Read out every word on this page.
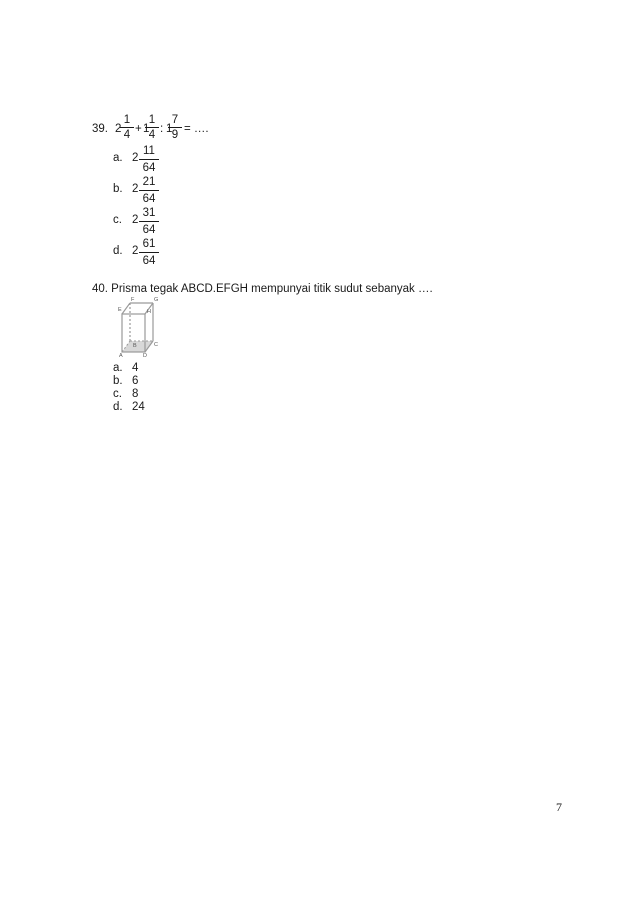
39. 2
1
4 + 1
1
4 : 1
7
9 = ….
a. 2
11
64
b. 2
21
64
c. 2
31
64
d. 2
61
64
40. Prisma tegak ABCD.EFGH mempunyai titik sudut sebanyak ….
E
F	G
H
A
B	C
D
a. 4
b. 6
c. 8
d. 24
7
